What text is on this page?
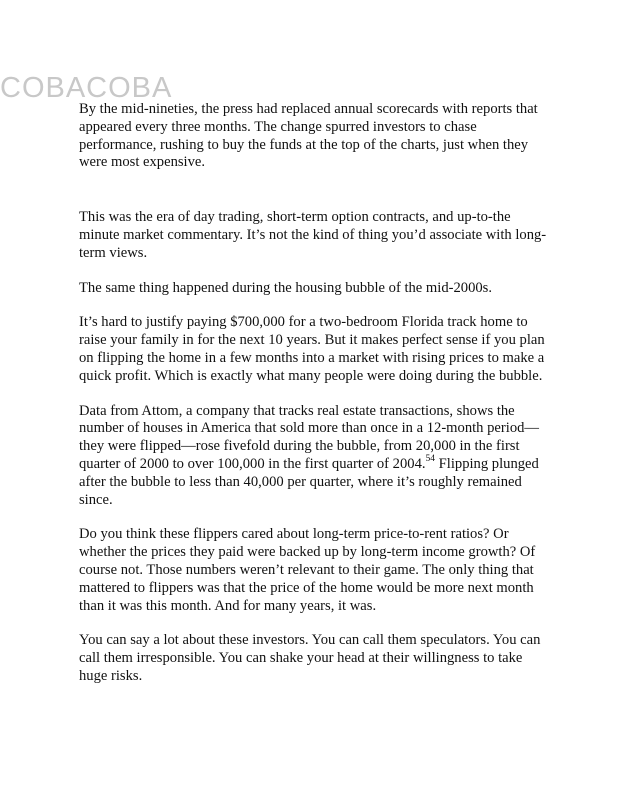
COBACOBA

By the mid-nineties, the press had replaced annual scorecards with reports that appeared every three months. The change spurred investors to chase performance, rushing to buy the funds at the top of the charts, just when they were most expensive.

This was the era of day trading, short-term option contracts, and up-to-the minute market commentary. It’s not the kind of thing you’d associate with long-term views.

The same thing happened during the housing bubble of the mid-2000s.

It’s hard to justify paying $700,000 for a two-bedroom Florida track home to raise your family in for the next 10 years. But it makes perfect sense if you plan on flipping the home in a few months into a market with rising prices to make a quick profit. Which is exactly what many people were doing during the bubble.

Data from Attom, a company that tracks real estate transactions, shows the number of houses in America that sold more than once in a 12-month period—they were flipped—rose fivefold during the bubble, from 20,000 in the first quarter of 2000 to over 100,000 in the first quarter of 2004.54 Flipping plunged after the bubble to less than 40,000 per quarter, where it’s roughly remained since.

Do you think these flippers cared about long-term price-to-rent ratios? Or whether the prices they paid were backed up by long-term income growth? Of course not. Those numbers weren’t relevant to their game. The only thing that mattered to flippers was that the price of the home would be more next month than it was this month. And for many years, it was.

You can say a lot about these investors. You can call them speculators. You can call them irresponsible. You can shake your head at their willingness to take huge risks.
